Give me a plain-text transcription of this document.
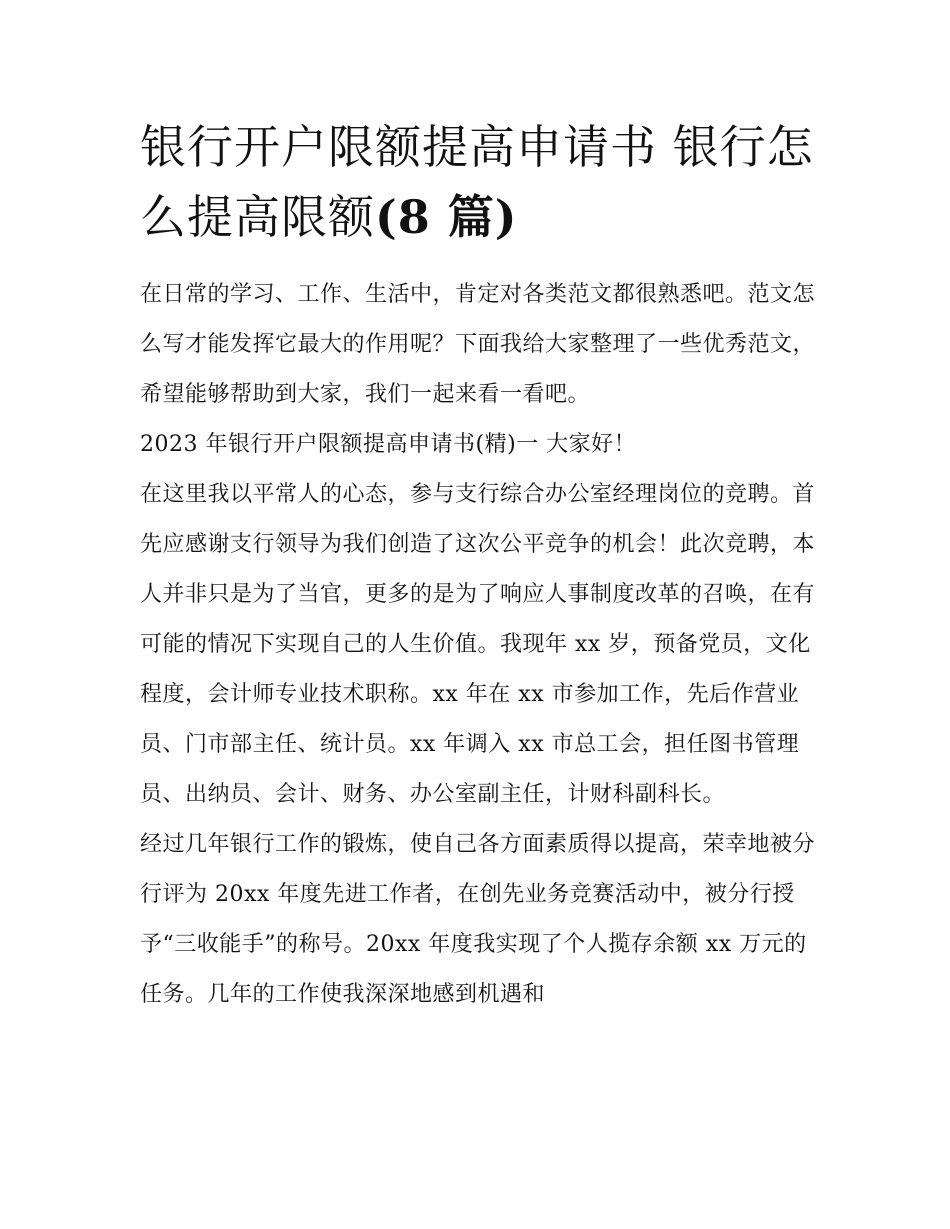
银行开户限额提高申请书 银行怎么提高限额(8 篇)

在日常的学习、工作、生活中，肯定对各类范文都很熟悉吧。范文怎么写才能发挥它最大的作用呢？下面我给大家整理了一些优秀范文，希望能够帮助到大家，我们一起来看一看吧。

2023 年银行开户限额提高申请书(精)一 大家好！

在这里我以平常人的心态，参与支行综合办公室经理岗位的竞聘。首先应感谢支行领导为我们创造了这次公平竞争的机会！此次竞聘，本人并非只是为了当官，更多的是为了响应人事制度改革的召唤，在有可能的情况下实现自己的人生价值。我现年 xx 岁，预备党员，文化程度，会计师专业技术职称。xx 年在 xx 市参加工作，先后作营业员、门市部主任、统计员。xx 年调入 xx 市总工会，担任图书管理员、出纳员、会计、财务、办公室副主任，计财科副科长。

经过几年银行工作的锻炼，使自己各方面素质得以提高，荣幸地被分行评为 20xx 年度先进工作者，在创先业务竞赛活动中，被分行授予“三收能手”的称号。20xx 年度我实现了个人揽存余额 xx 万元的任务。几年的工作使我深深地感到机遇和
